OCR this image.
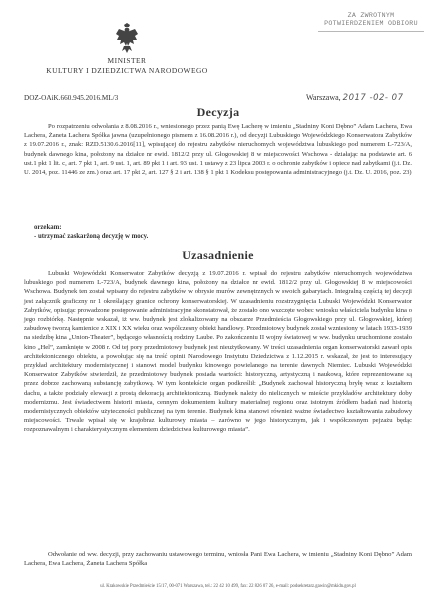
ZA ZWROTNYM
POTWIERDZENIEM ODBIORU
MINISTER
KULTURY I DZIEDZICTWA NARODOWEGO
DOZ-OAiK.660.945.2016.ML/3	Warszawa, 2017 -02- 07
Decyzja
Po rozpatrzeniu odwołania z 8.08.2016 r., wniesionego przez panią Ewę Lacherę w imieniu „Stadniny Koni Dębno” Adam Lachera, Ewa Lachera, Żaneta Lachera Spółka jawna (uzupełnionego pismem z 16.08.2016 r.), od decyzji Lubuskiego Wojewódzkiego Konserwatora Zabytków z 19.07.2016 r., znak: RZD.5130.6.2016[11], wpisującej do rejestru zabytków nieruchomych województwa lubuskiego pod numerem L-723/A, budynek dawnego kina, położony na działce nr ewid. 1812/2 przy ul. Głogowskiej 8 w miejscowości Wschowa - działając na podstawie art. 6 ust.1 pkt 1 lit. c, art. 7 pkt 1, art. 9 ust. 1, art. 89 pkt 1 i art. 93 ust. 1 ustawy z 23 lipca 2003 r. o ochronie zabytków i opiece nad zabytkami (j.t. Dz. U. 2014, poz. 11446 ze zm.) oraz art. 17 pkt 2, art. 127 § 2 i art. 138 § 1 pkt 1 Kodeksu postępowania administracyjnego (j.t. Dz. U. 2016, poz. 23)
orzekam:
- utrzymać zaskarżoną decyzję w mocy.
Uzasadnienie
Lubuski Wojewódzki Konserwator Zabytków decyzją z 19.07.2016 r. wpisał do rejestru zabytków nieruchomych województwa lubuskiego pod numerem L-723/A, budynek dawnego kina, położony na działce nr ewid. 1812/2 przy ul. Głogowskiej 8 w miejscowości Wschowa. Budynek ten został wpisany do rejestru zabytków w obrysie murów zewnętrznych w swoich gabarytach. Integralną częścią tej decyzji jest załącznik graficzny nr 1 określający granice ochrony konserwatorskiej. W uzasadnieniu rozstrzygnięcia Lubuski Wojewódzki Konserwator Zabytków, opisując prowadzone postępowanie administracyjne skonstatował, że zostało ono wszczęte wobec wniosku właściciela budynku kina o jego rozbiórkę. Następnie wskazał, iż ww. budynek jest zlokalizowany na obszarze Przedmieścia Głogowskiego przy ul. Głogowskiej, której zabudowę tworzą kamienice z XIX i XX wieku oraz wspólczesny obiekt handlowy. Przedmiotowy budynek został wzniesiony w latach 1933-1939 na siedzibę kina „Union-Theater”, będącego własnością rodziny Laube. Po zakończeniu II wojny światowej w ww. budynku uruchomione zostało kino „Hel”, zamknięte w 2008 r. Od tej pory przedmiotowy budynek jest nieużytkowany. W treści uzasadnienia organ konserwatorski zawarł opis architektonicznego obiektu, a powołując się na treść opinii Narodowego Instytutu Dziedzictwa z 1.12.2015 r. wskazał, że jest to interesujący przykład architektury modernistycznej i stanowi model budynku kinowego powielanego na terenie dawnych Niemiec. Lubuski Wojewódzki Konserwator Zabytków stwierdził, że przedmiotowy budynek posiada wartości: historyczną, artystyczną i naukową, które reprezentowane są przez dobrze zachowaną substancję zabytkową. W tym kontekście organ podkreślił: „Budynek zachował historyczną bryłę wraz z kształtem dachu, a także podziały elewacji z prostą dekoracją architektoniczną. Budynek należy do nielicznych w mieście przykładów architektury doby modernizmu. Jest świadectwem historii miasta, cennym dokumentem kultury materialnej regionu oraz istotnym źródłem badań nad historią modernistycznych obiektów użyteczności publicznej na tym terenie. Budynek kina stanowi również ważne świadectwo kształtowania zabudowy miejscowości. Trwale wpisał się w krajobraz kulturowy miasta – zarówno w jego historycznym, jak i współczesnym pejzażu będąc rozpoznawalnym i charakterystycznym elementem dziedzictwa kulturowego miasta”.
Odwołanie od ww. decyzji, przy zachowaniu ustawowego terminu, wniosła Pani Ewa Lachera, w imieniu „Stadniny Koni Dębno” Adam Lachera, Ewa Lachera, Żaneta Lachera Spółka
ul. Krakowskie Przedmieście 15/17, 00-071 Warszawa, tel.: 22 42 10 499, fax: 22 826 07 26, e-mail: podsekretarz.gawin@mkidn.gov.pl
